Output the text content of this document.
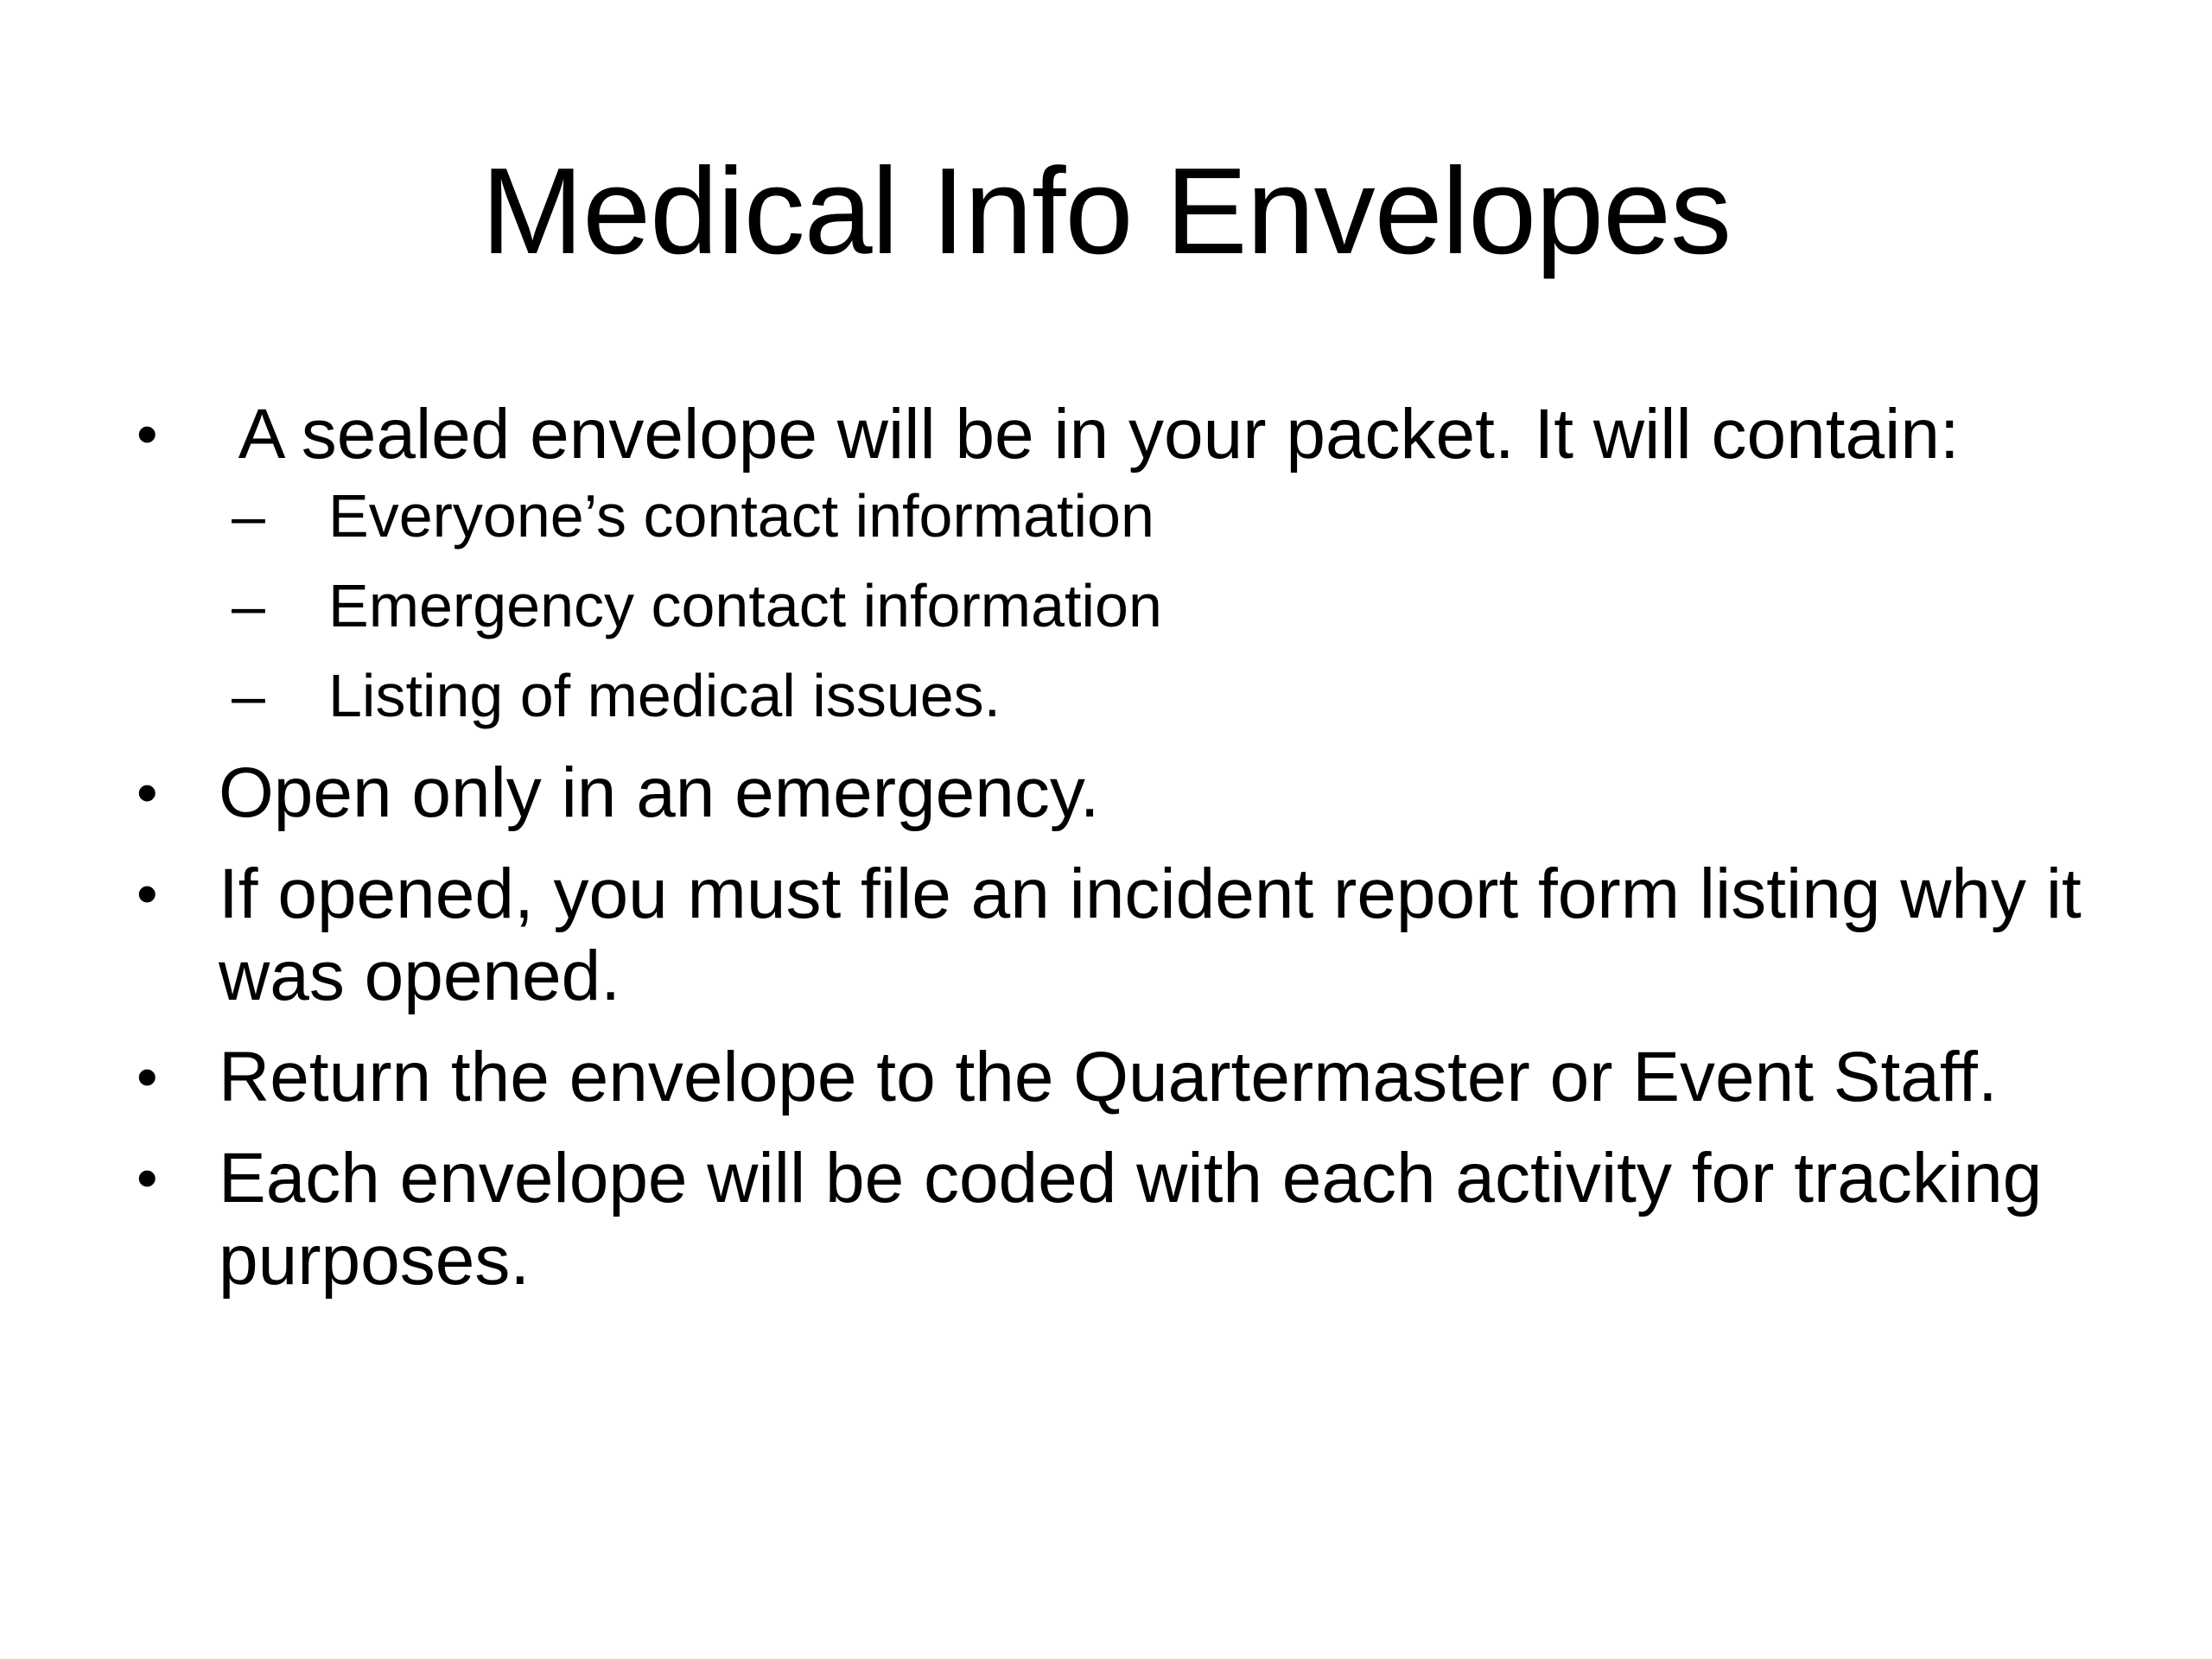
Medical Info Envelopes
• A sealed envelope will be in your packet. It will contain:
– Everyone’s contact information
– Emergency contact information
– Listing of medical issues.
• Open only in an emergency.
• If opened, you must file an incident report form listing why it was opened.
• Return the envelope to the Quartermaster or Event Staff.
• Each envelope will be coded with each activity for tracking purposes.
